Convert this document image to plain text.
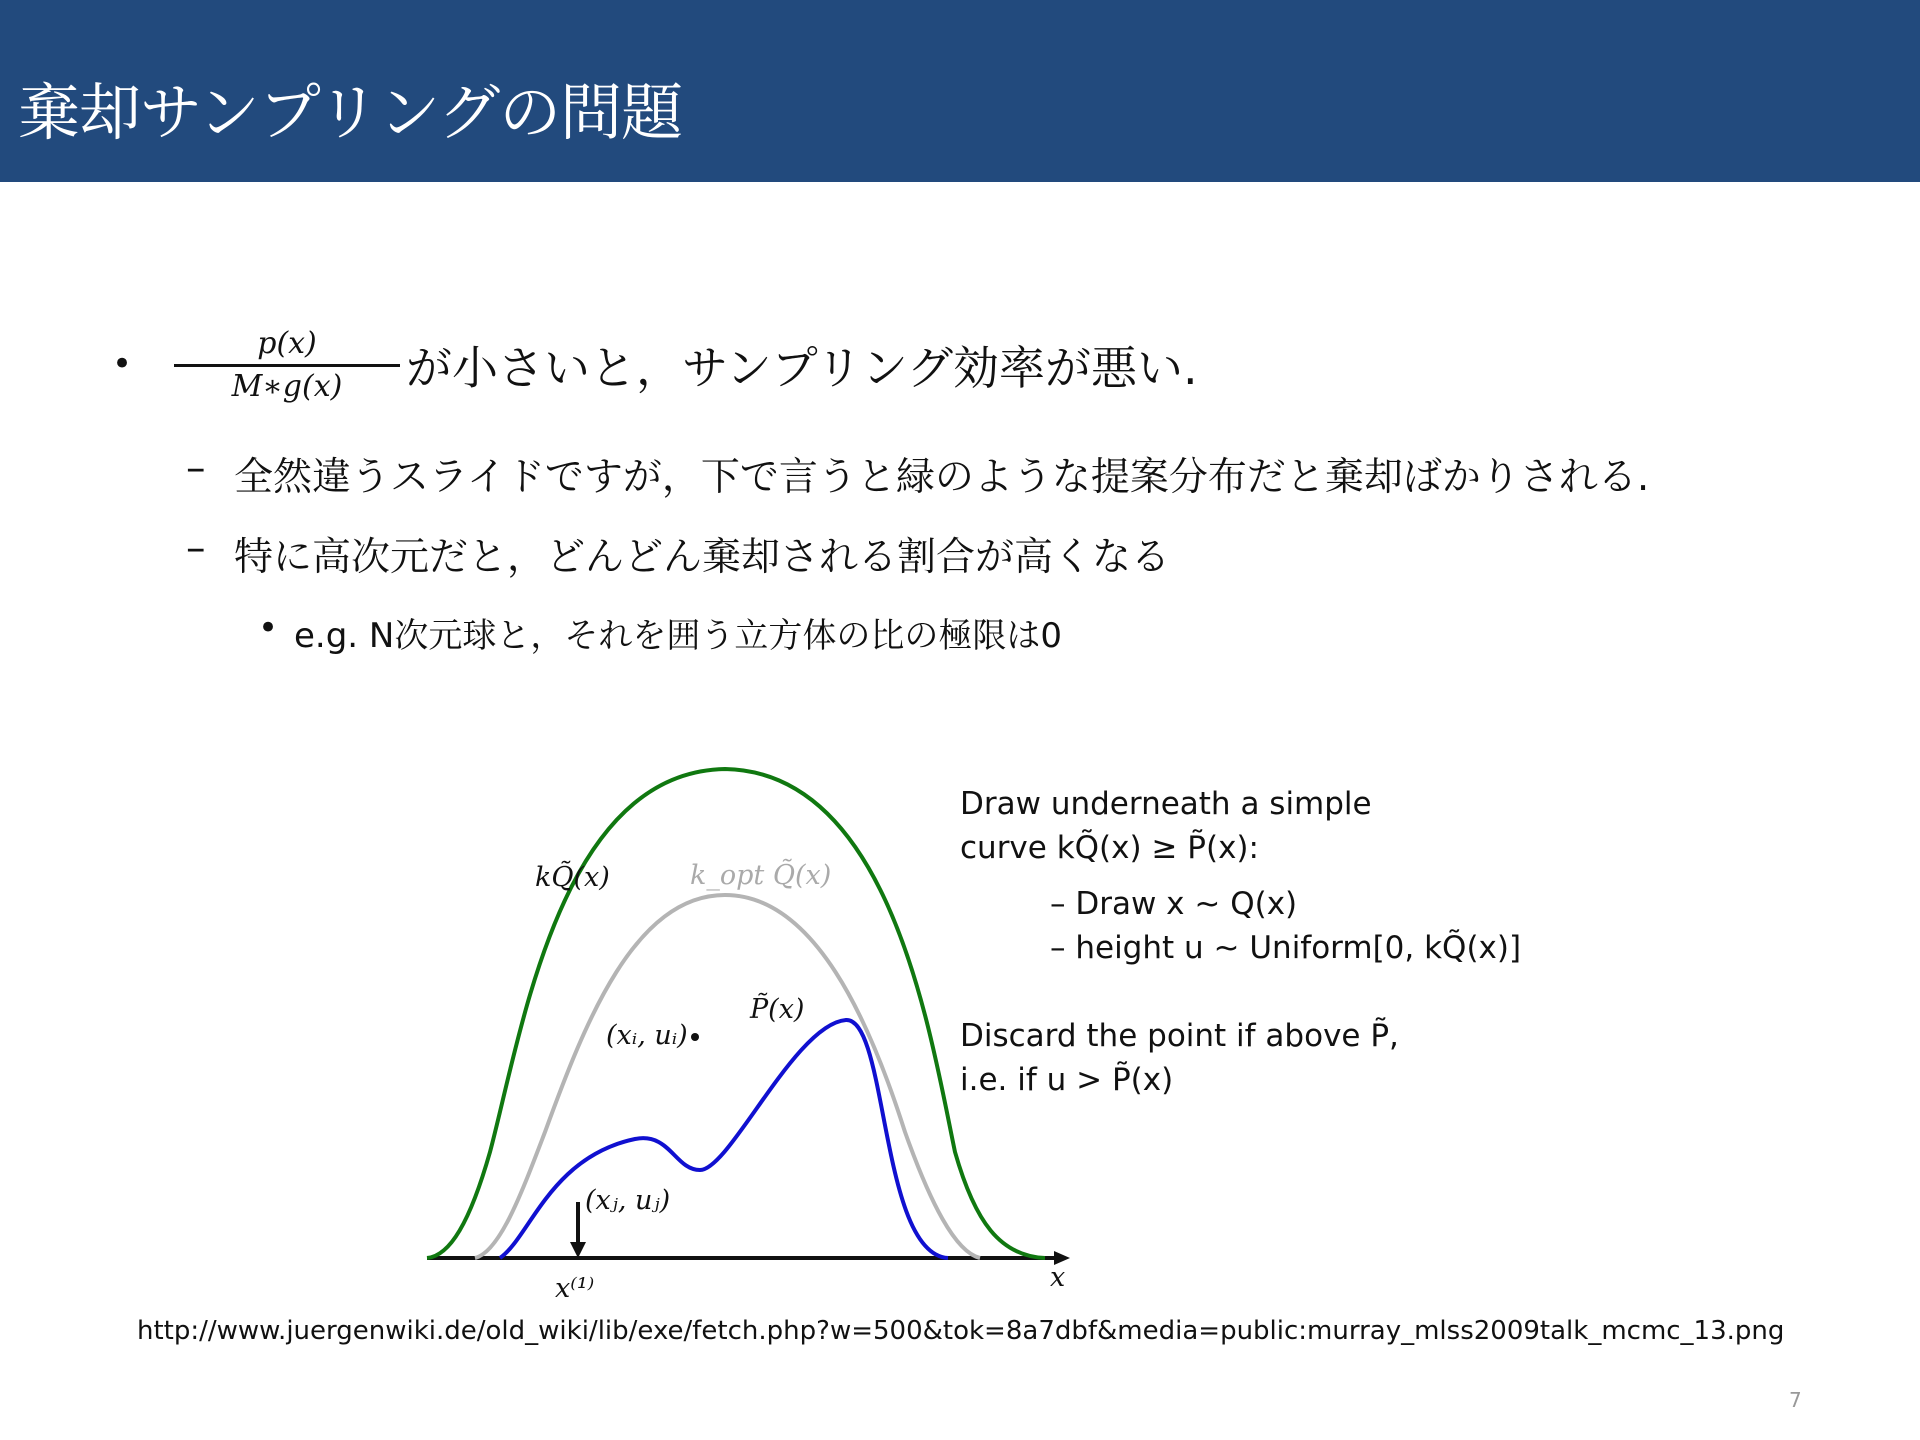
棄却サンプリングの問題
•
p(x)
M∗g(x)	が小さいと，サンプリング効率が悪い.
– 全然違うスライドですが，下で言うと緑のような提案分布だと棄却ばかりされる.
– 特に高次元だと，どんどん棄却される割合が高くなる
• e.g. N次元球と，それを囲う立方体の比の極限は0
kQ̃(x)	k_opt Q̃(x)
P̃(x)
(xᵢ, uᵢ)
(xⱼ, uⱼ)
x⁽¹⁾	x
Draw underneath a simple
curve kQ̃(x) ≥ P̃(x):
– Draw x ∼ Q(x)
– height u ∼ Uniform[0, kQ̃(x)]
Discard the point if above P̃,
i.e. if u > P̃(x)
http://www.juergenwiki.de/old_wiki/lib/exe/fetch.php?w=500&tok=8a7dbf&media=public:murray_mlss2009talk_mcmc_13.png
7
